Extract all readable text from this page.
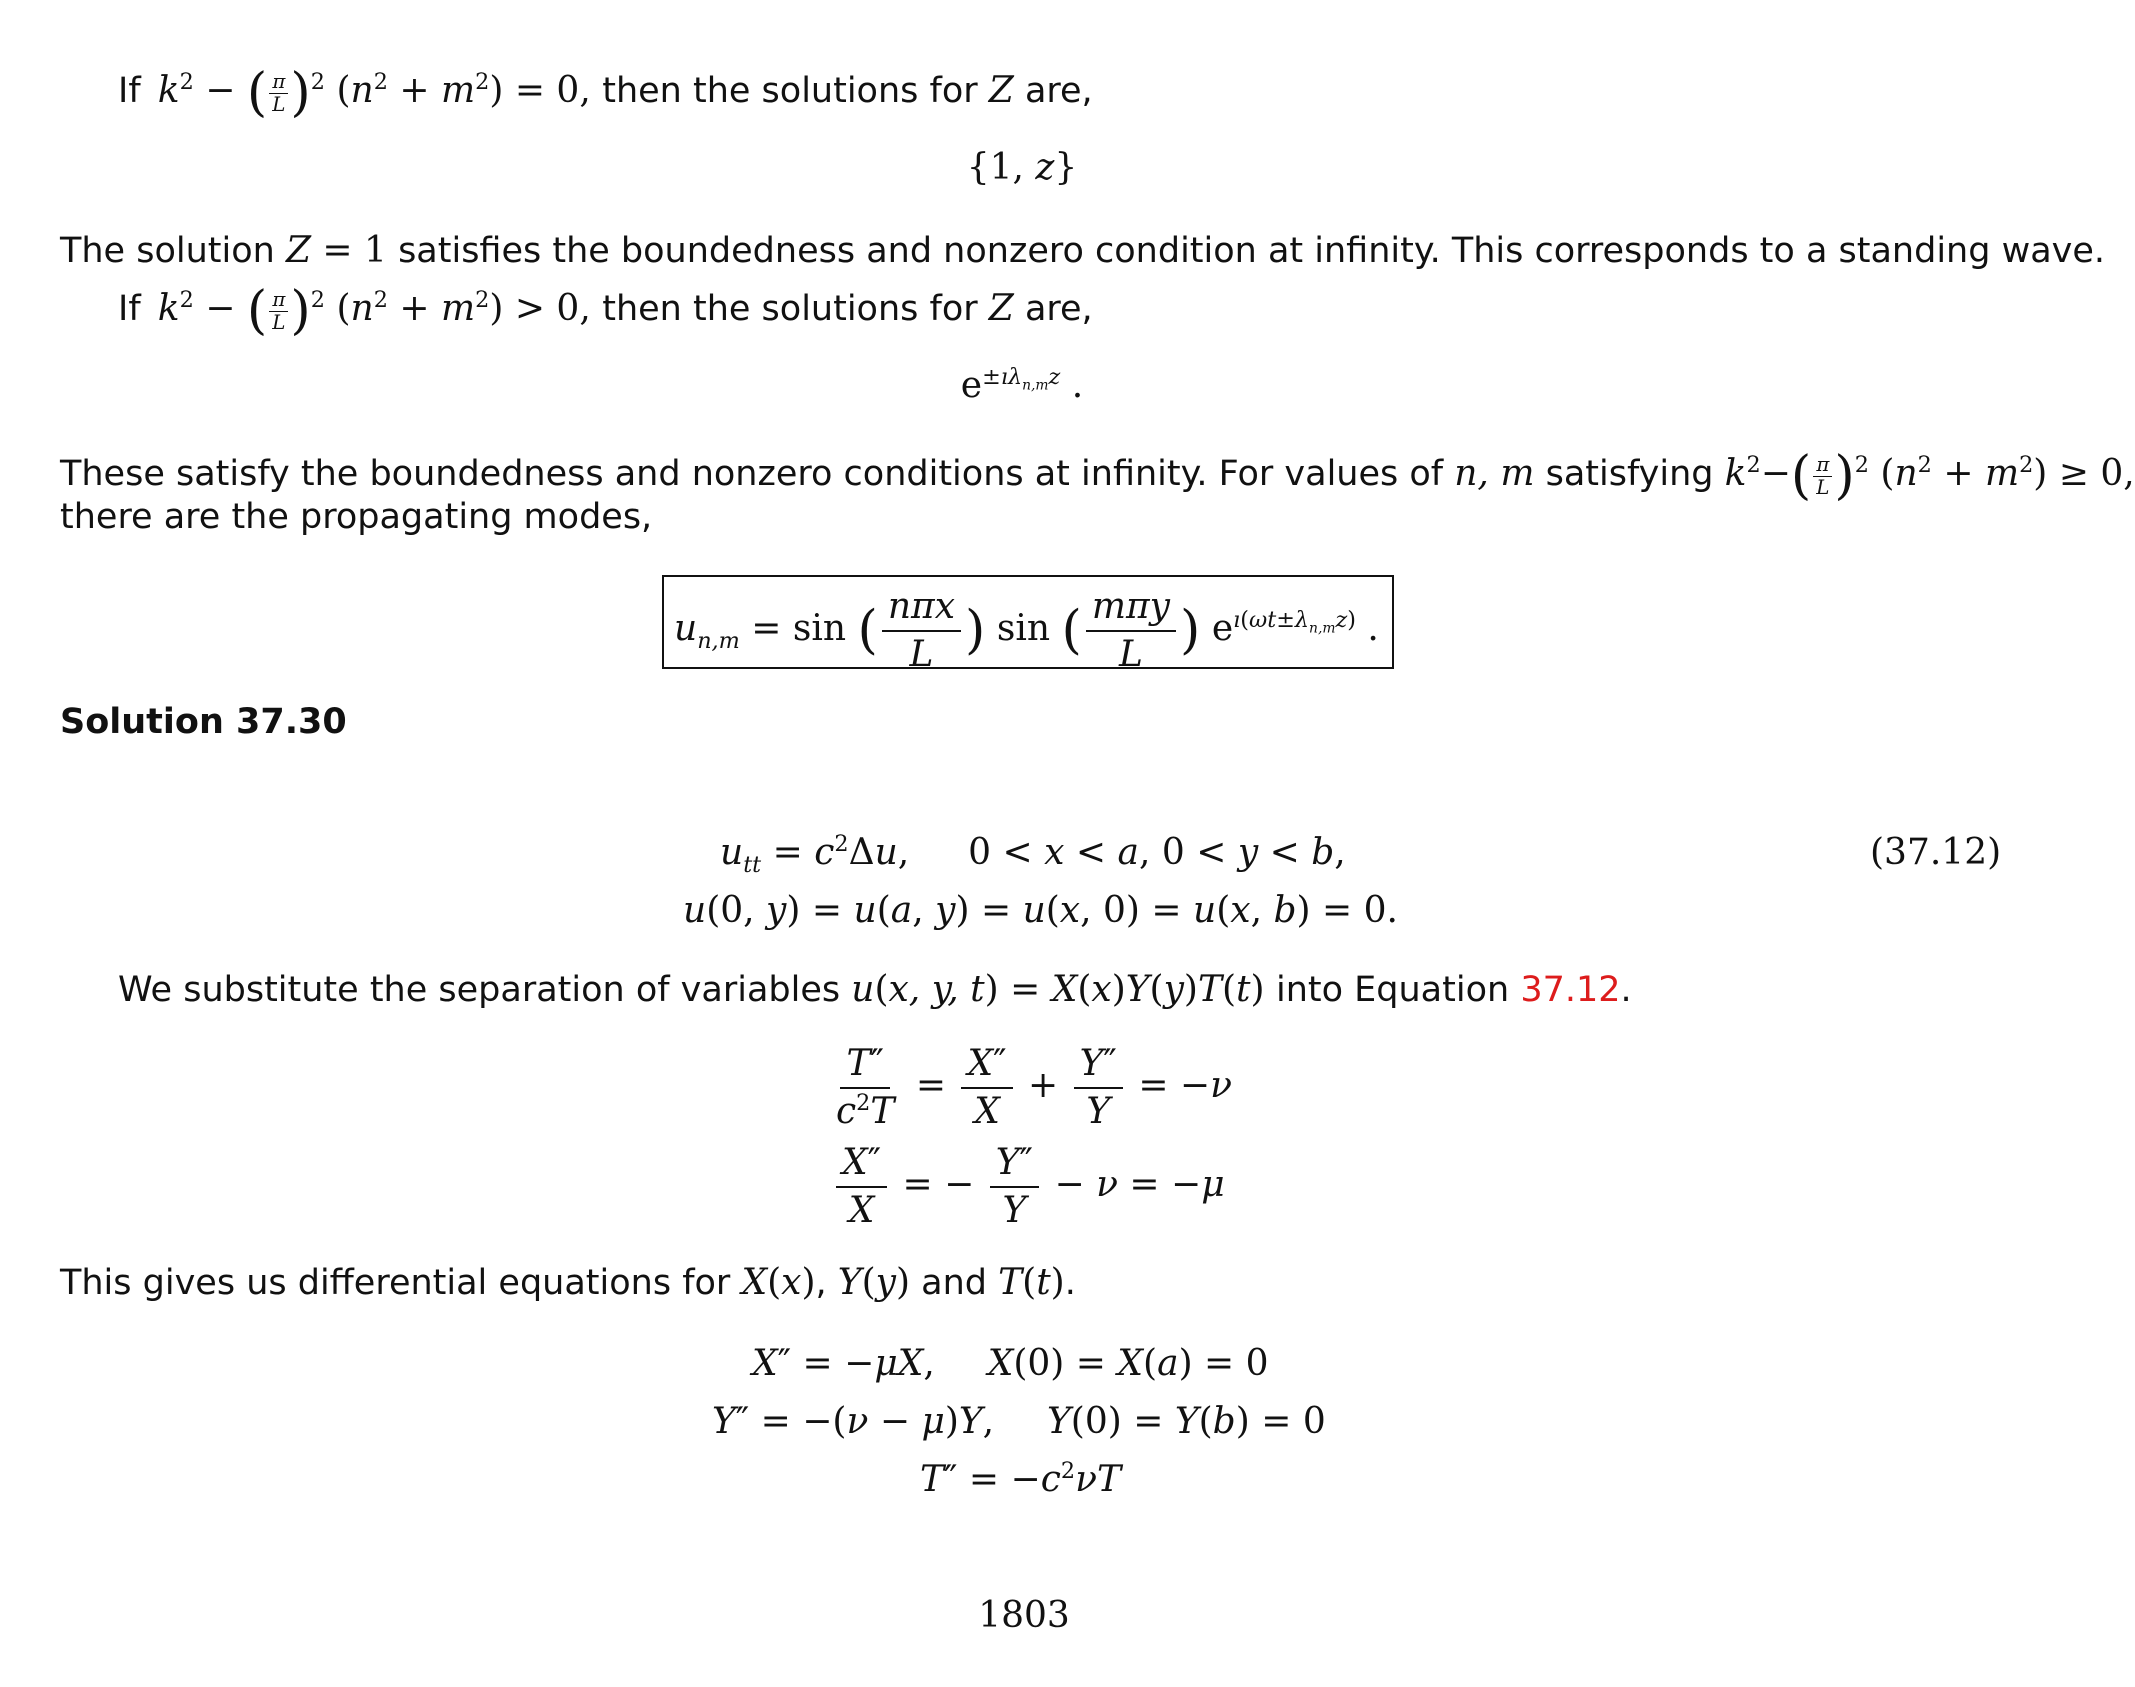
If $k^2$ − ( $\frac{\pi}{L} )^2$ $(n^2 + m^2) = 0$, then the solutions for Z are,
{1, z}
The solution Z = 1 satisfies the boundedness and nonzero condition at infinity. This corresponds to a standing wave.
If $k^2$ − ( $\frac{\pi}{L} )^2$ $(n^2 + m^2) > 0$, then the solutions for Z are,
$e^{\pm ı\lambda_{n,m}z}$ .
These satisfy the boundedness and nonzero conditions at infinity. For values of n, m satisfying $k^2-( \frac{\pi}{L} )^2$ $(n^2 + m^2) \ge 0$,
there are the propagating modes,
$u_{n,m} = \sin$ ( $\frac{\text{nπx}}{L}$ ) sin ( $\frac{\text{mπy}}{L}$ ) $e^{ı(\omega t\pm\lambda_{n,m}z)}$ .
Solution 37.30
$u_{tt} = c^2\Delta u$, 0 < x < a, 0 < y < b,
u(0, y) = u(a, y) = u(x, 0) = u(x, b) = 0.
(37.12)
We substitute the separation of variables u(x, y, t) = X(x)Y(y)T(t) into Equation 37.12.
$\frac{T''}{c^2T} = \frac{X''}{X} + \frac{Y''}{Y} = -\nu$
$\frac{X''}{X}$ = − $\frac{Y''}{Y} - \nu = -\mu$
This gives us differential equations for X(x), Y(y) and T(t).
X″ = −μX, X(0) = X(a) = 0
Y″ = −(ν − μ)Y, Y(0) = Y(b) = 0
$T'' = -c^2\nu T$
1803
